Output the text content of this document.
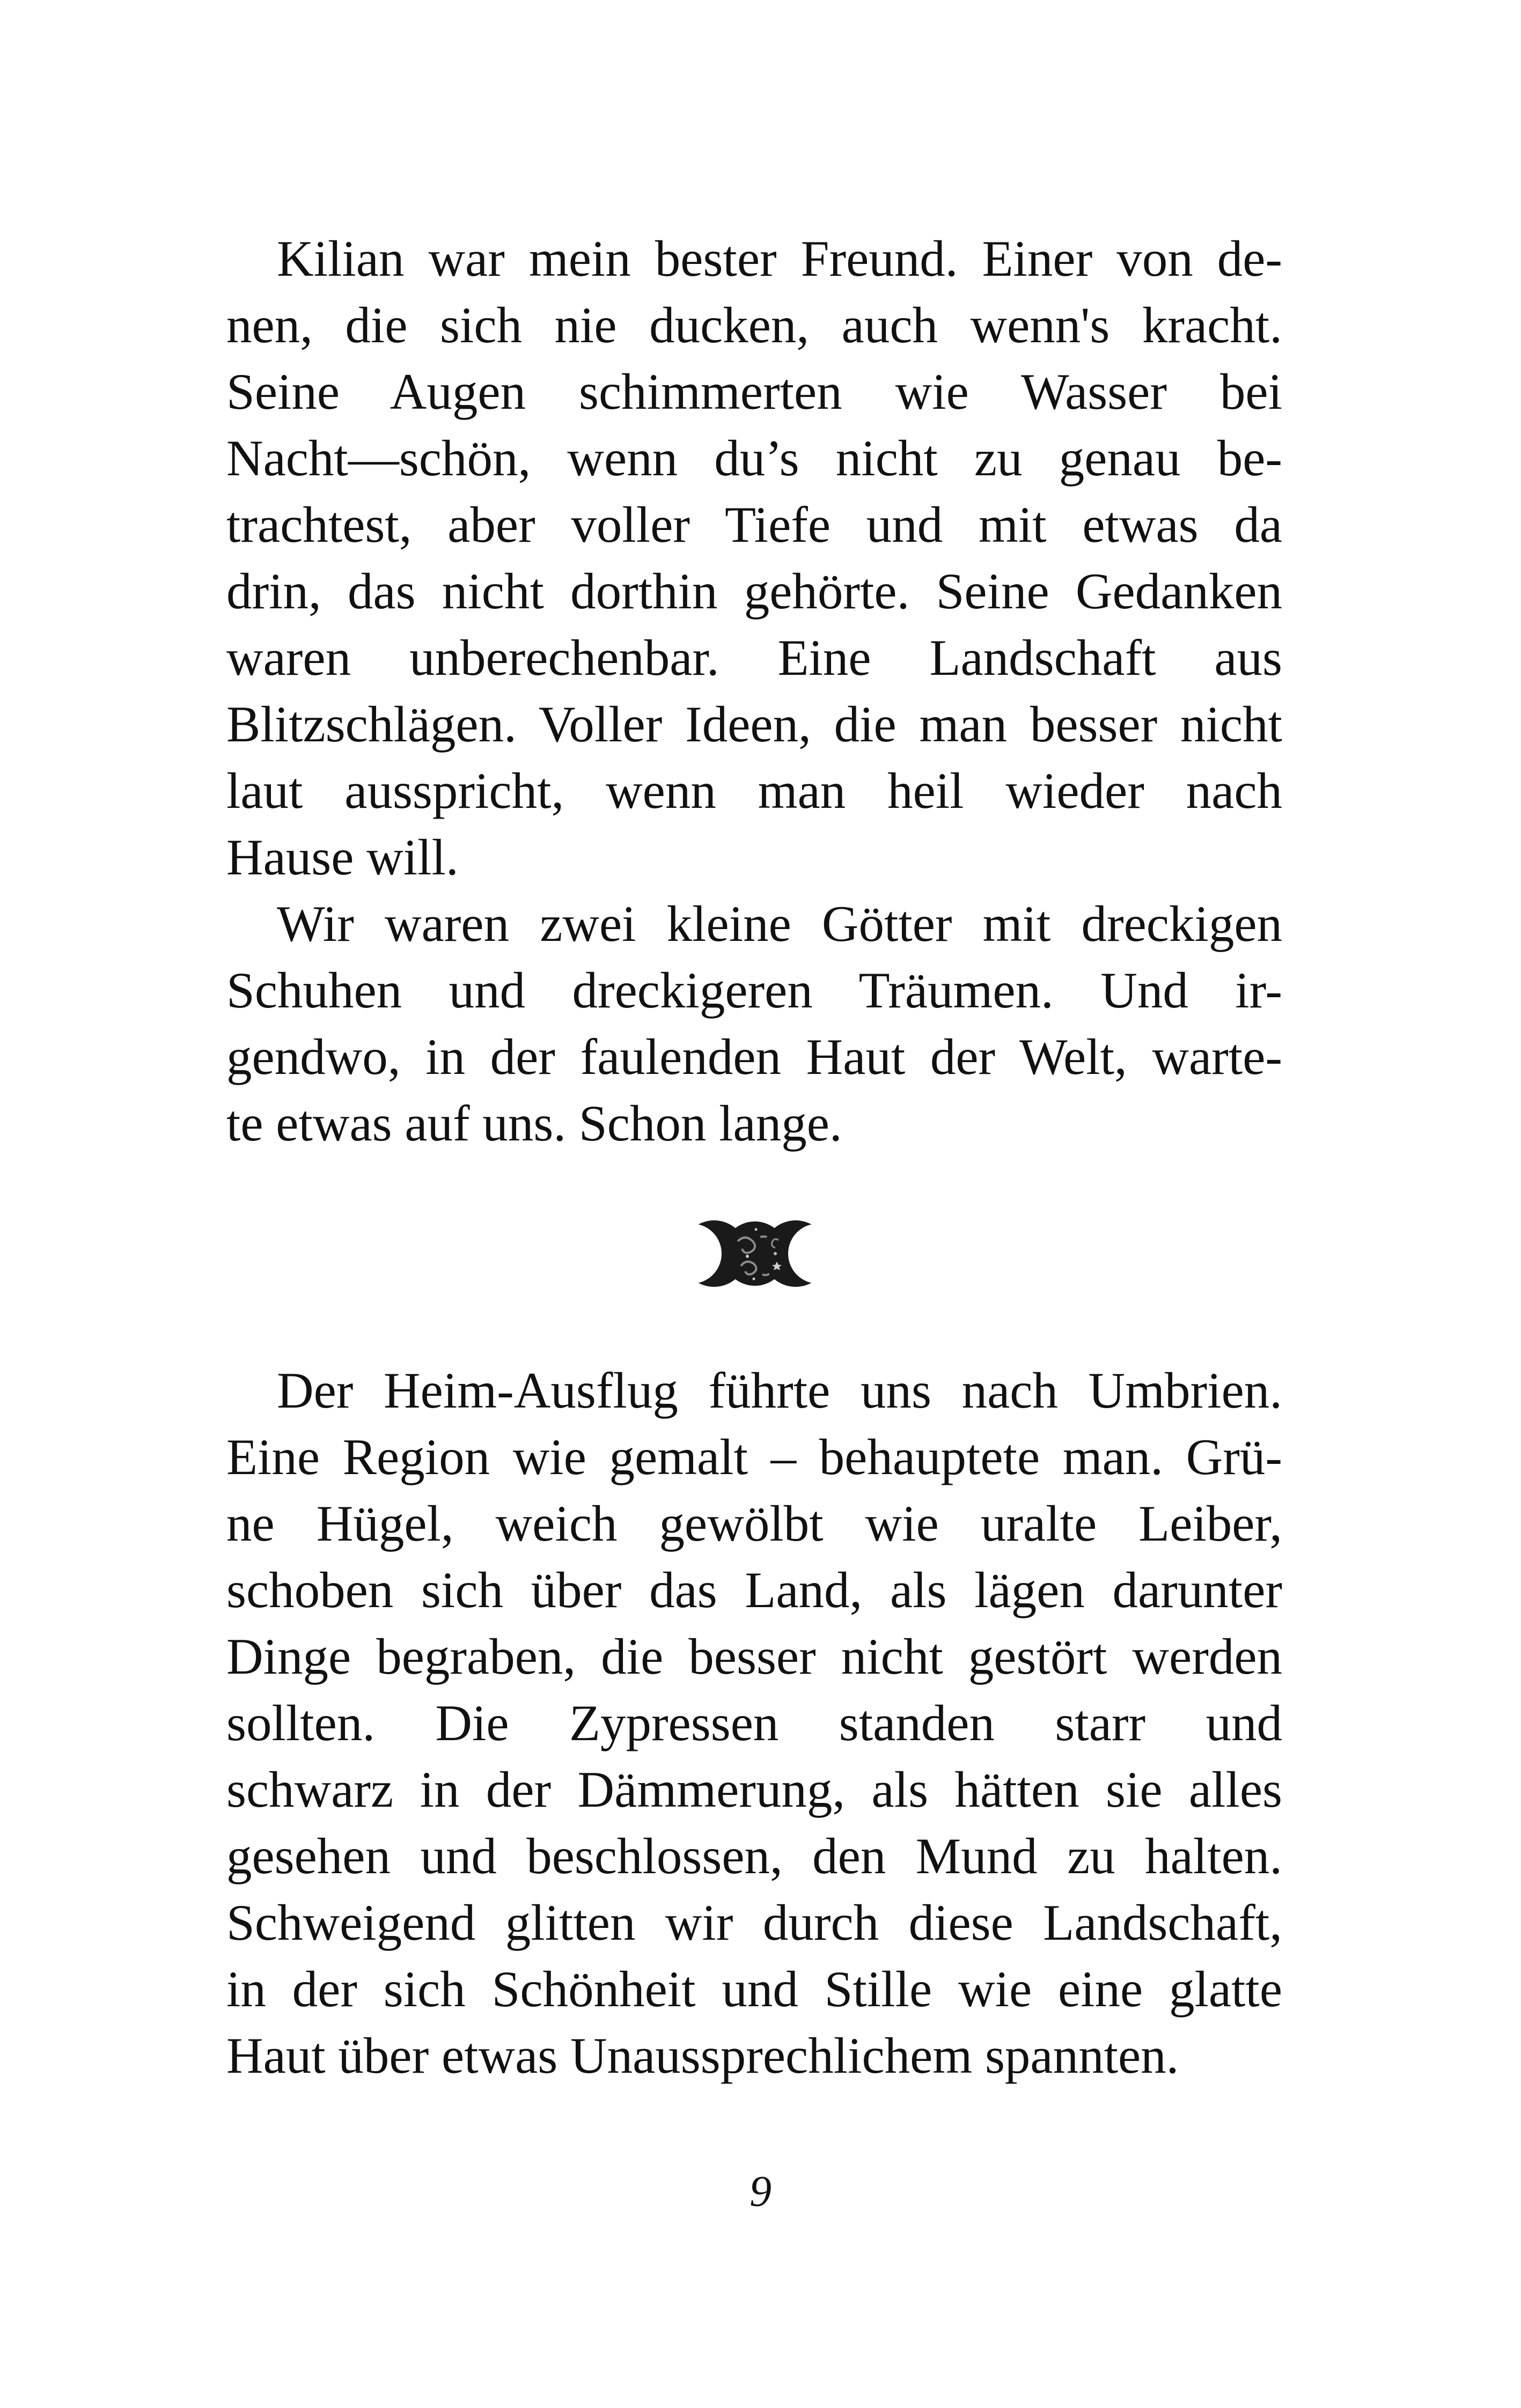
Kilian war mein bester Freund. Einer von de-
nen, die sich nie ducken, auch wenn's kracht.
Seine Augen schimmerten wie Wasser bei
Nacht—schön, wenn du’s nicht zu genau be-
trachtest, aber voller Tiefe und mit etwas da
drin, das nicht dorthin gehörte. Seine Gedanken
waren unberechenbar. Eine Landschaft aus
Blitzschlägen. Voller Ideen, die man besser nicht
laut ausspricht, wenn man heil wieder nach
Hause will.
Wir waren zwei kleine Götter mit dreckigen
Schuhen und dreckigeren Träumen. Und ir-
gendwo, in der faulenden Haut der Welt, warte-
te etwas auf uns. Schon lange.
Der Heim-Ausflug führte uns nach Umbrien.
Eine Region wie gemalt – behauptete man. Grü-
ne Hügel, weich gewölbt wie uralte Leiber,
schoben sich über das Land, als lägen darunter
Dinge begraben, die besser nicht gestört werden
sollten. Die Zypressen standen starr und
schwarz in der Dämmerung, als hätten sie alles
gesehen und beschlossen, den Mund zu halten.
Schweigend glitten wir durch diese Landschaft,
in der sich Schönheit und Stille wie eine glatte
Haut über etwas Unaussprechlichem spannten.
9
